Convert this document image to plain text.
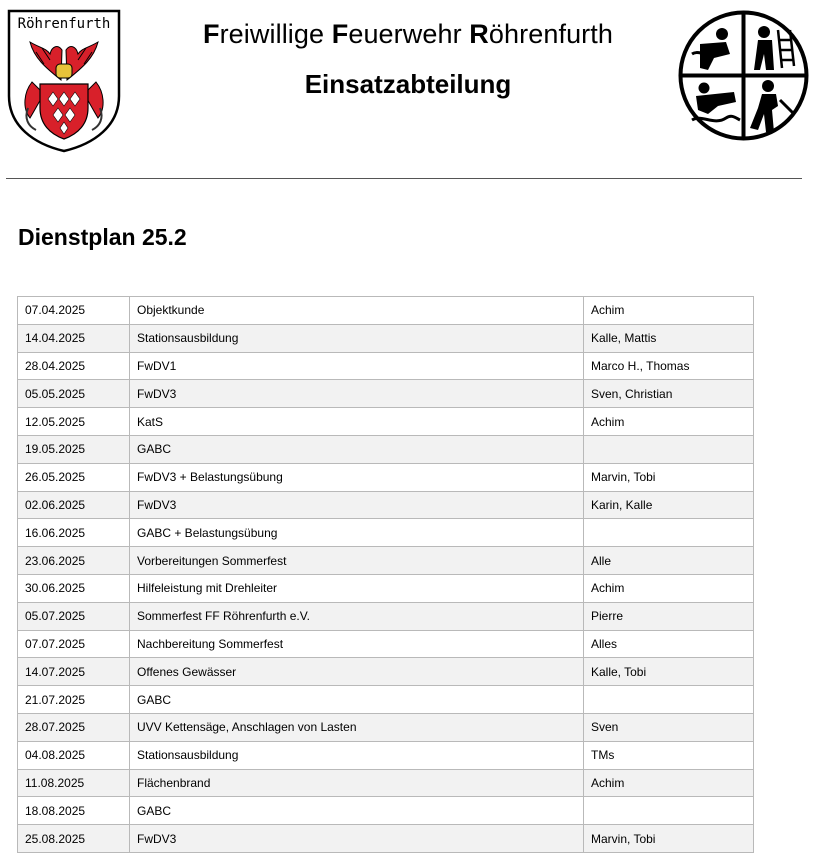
Röhrenfurth	Freiwillige Feuerwehr Röhrenfurth
Einsatzabteilung
Dienstplan 25.2
07.04.2025	Objektkunde	Achim
14.04.2025	Stationsausbildung	Kalle, Mattis
28.04.2025	FwDV1	Marco H., Thomas
05.05.2025	FwDV3	Sven, Christian
12.05.2025	KatS	Achim
19.05.2025	GABC	
26.05.2025	FwDV3 + Belastungsübung	Marvin, Tobi
02.06.2025	FwDV3	Karin, Kalle
16.06.2025	GABC + Belastungsübung	
23.06.2025	Vorbereitungen Sommerfest	Alle
30.06.2025	Hilfeleistung mit Drehleiter	Achim
05.07.2025	Sommerfest FF Röhrenfurth e.V.	Pierre
07.07.2025	Nachbereitung Sommerfest	Alles
14.07.2025	Offenes Gewässer	Kalle, Tobi
21.07.2025	GABC	
28.07.2025	UVV Kettensäge, Anschlagen von Lasten	Sven
04.08.2025	Stationsausbildung	TMs
11.08.2025	Flächenbrand	Achim
18.08.2025	GABC	
25.08.2025	FwDV3	Marvin, Tobi
